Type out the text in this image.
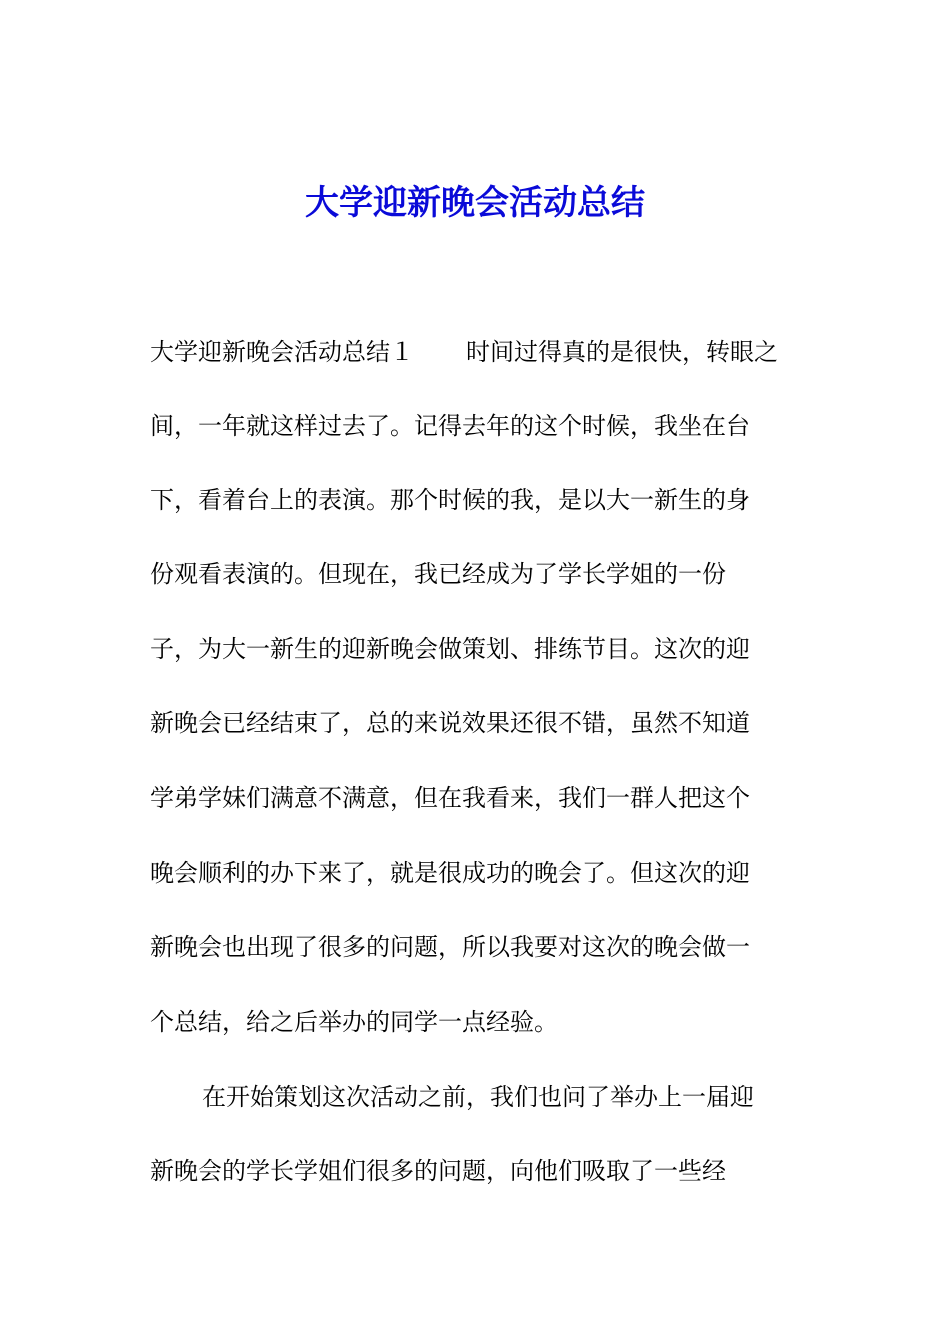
大学迎新晚会活动总结

大学迎新晚会活动总结１ 时间过得真的是很快，转眼之

间，一年就这样过去了。记得去年的这个时候，我坐在台

下，看着台上的表演。那个时候的我，是以大一新生的身

份观看表演的。但现在，我已经成为了学长学姐的一份

子，为大一新生的迎新晚会做策划、排练节目。这次的迎

新晚会已经结束了，总的来说效果还很不错，虽然不知道

学弟学妹们满意不满意，但在我看来，我们一群人把这个

晚会顺利的办下来了，就是很成功的晚会了。但这次的迎

新晚会也出现了很多的问题，所以我要对这次的晚会做一

个总结，给之后举办的同学一点经验。

在开始策划这次活动之前，我们也问了举办上一届迎

新晚会的学长学姐们很多的问题，向他们吸取了一些经
